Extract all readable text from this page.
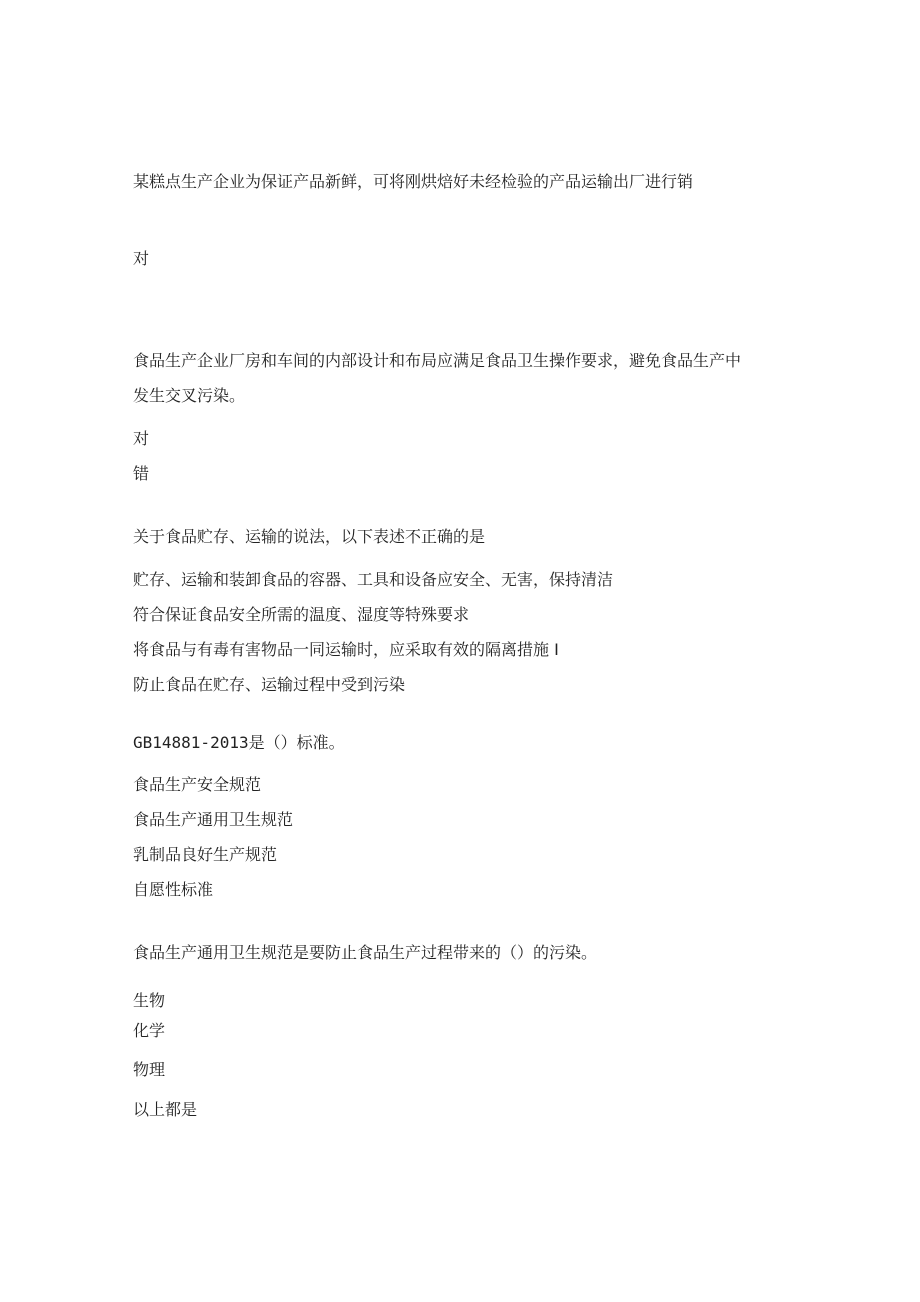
某糕点生产企业为保证产品新鲜，可将刚烘焙好未经检验的产品运输出厂进行销
对
食品生产企业厂房和车间的内部设计和布局应满足食品卫生操作要求，避免食品生产中
发生交叉污染。
对
错
关于食品贮存、运输的说法，以下表述不正确的是
贮存、运输和装卸食品的容器、工具和设备应安全、无害，保持清洁
符合保证食品安全所需的温度、湿度等特殊要求
将食品与有毒有害物品一同运输时，应采取有效的隔离措施 I
防止食品在贮存、运输过程中受到污染
GB14881-2013是（）标准。
食品生产安全规范
食品生产通用卫生规范
乳制品良好生产规范
自愿性标准
食品生产通用卫生规范是要防止食品生产过程带来的（）的污染。
生物
化学
物理
以上都是
